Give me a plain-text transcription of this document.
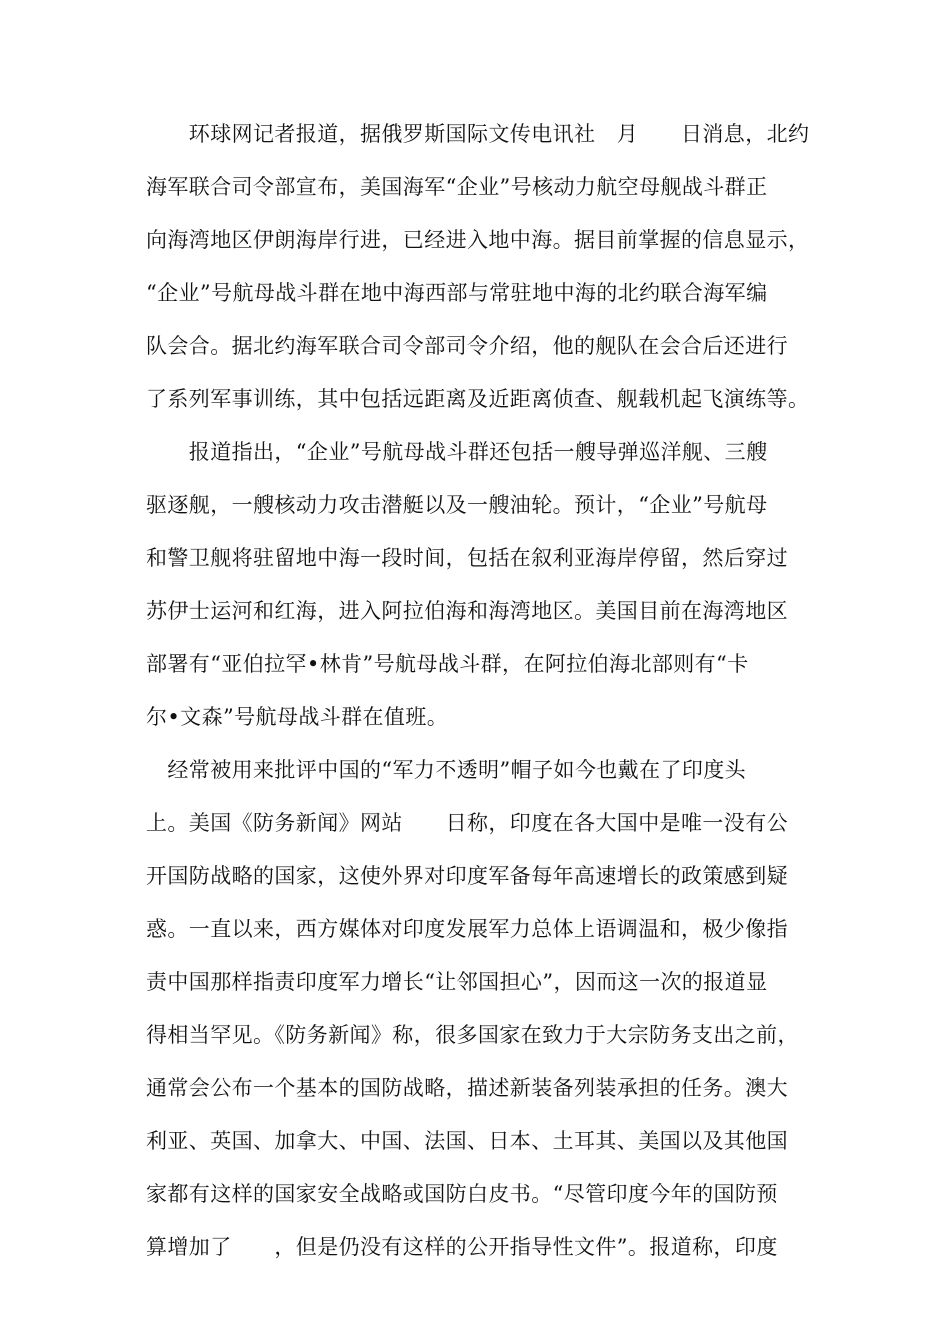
　　环球网记者报道，据俄罗斯国际文传电讯社　月　　日消息，北约
海军联合司令部宣布，美国海军“企业”号核动力航空母舰战斗群正
向海湾地区伊朗海岸行进，已经进入地中海。据目前掌握的信息显示，
“企业”号航母战斗群在地中海西部与常驻地中海的北约联合海军编
队会合。据北约海军联合司令部司令介绍，他的舰队在会合后还进行
了系列军事训练，其中包括远距离及近距离侦查、舰载机起飞演练等。
　　报道指出，“企业”号航母战斗群还包括一艘导弹巡洋舰、三艘
驱逐舰，一艘核动力攻击潜艇以及一艘油轮。预计，“企业”号航母
和警卫舰将驻留地中海一段时间，包括在叙利亚海岸停留，然后穿过
苏伊士运河和红海，进入阿拉伯海和海湾地区。美国目前在海湾地区
部署有“亚伯拉罕•林肯”号航母战斗群，在阿拉伯海北部则有“卡
尔•文森”号航母战斗群在值班。
　经常被用来批评中国的“军力不透明”帽子如今也戴在了印度头
上。美国《防务新闻》网站　　日称，印度在各大国中是唯一没有公
开国防战略的国家，这使外界对印度军备每年高速增长的政策感到疑
惑。一直以来，西方媒体对印度发展军力总体上语调温和，极少像指
责中国那样指责印度军力增长“让邻国担心”，因而这一次的报道显
得相当罕见。《防务新闻》称，很多国家在致力于大宗防务支出之前，
通常会公布一个基本的国防战略，描述新装备列装承担的任务。澳大
利亚、英国、加拿大、中国、法国、日本、土耳其、美国以及其他国
家都有这样的国家安全战略或国防白皮书。“尽管印度今年的国防预
算增加了　　，但是仍没有这样的公开指导性文件”。报道称，印度
